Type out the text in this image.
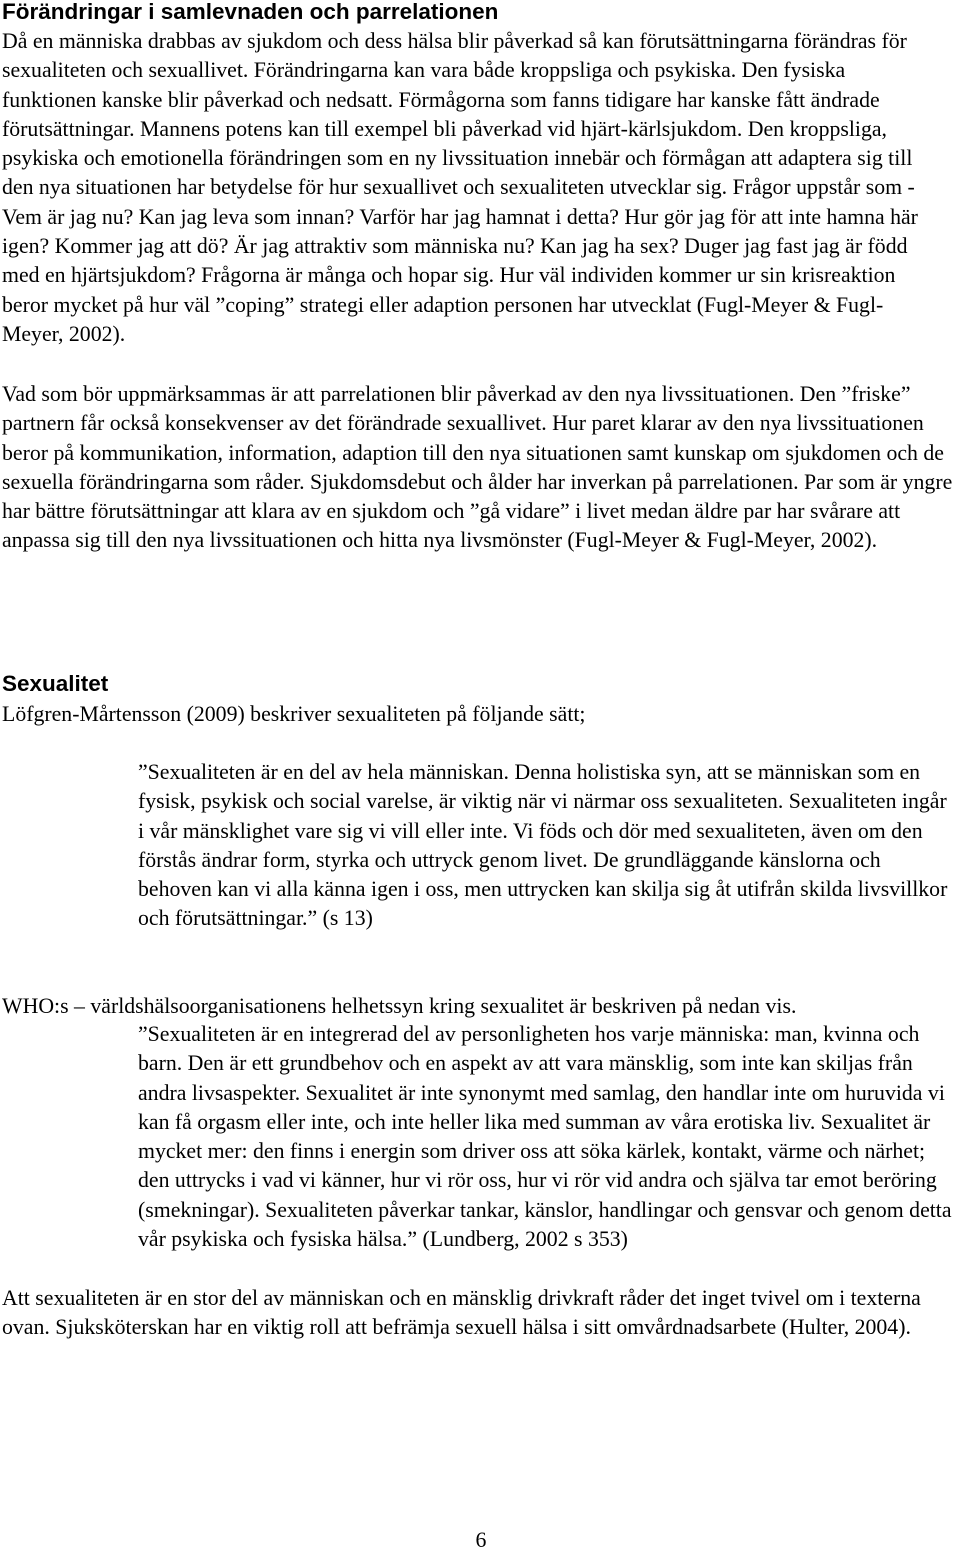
Förändringar i samlevnaden och parrelationen

Då en människa drabbas av sjukdom och dess hälsa blir påverkad så kan förutsättningarna förändras för sexualiteten och sexuallivet. Förändringarna kan vara både kroppsliga och psykiska. Den fysiska funktionen kanske blir påverkad och nedsatt. Förmågorna som fanns tidigare har kanske fått ändrade förutsättningar. Mannens potens kan till exempel bli påverkad vid hjärt-kärlsjukdom. Den kroppsliga, psykiska och emotionella förändringen som en ny livssituation innebär och förmågan att adaptera sig till den nya situationen har betydelse för hur sexuallivet och sexualiteten utvecklar sig. Frågor uppstår som - Vem är jag nu? Kan jag leva som innan? Varför har jag hamnat i detta? Hur gör jag för att inte hamna här igen? Kommer jag att dö? Är jag attraktiv som människa nu? Kan jag ha sex? Duger jag fast jag är född med en hjärtsjukdom? Frågorna är många och hopar sig. Hur väl individen kommer ur sin krisreaktion beror mycket på hur väl ”coping” strategi eller adaption personen har utvecklat (Fugl-Meyer & Fugl-Meyer, 2002).

Vad som bör uppmärksammas är att parrelationen blir påverkad av den nya livssituationen. Den ”friske” partnern får också konsekvenser av det förändrade sexuallivet. Hur paret klarar av den nya livssituationen beror på kommunikation, information, adaption till den nya situationen samt kunskap om sjukdomen och de sexuella förändringarna som råder. Sjukdomsdebut och ålder har inverkan på parrelationen. Par som är yngre har bättre förutsättningar att klara av en sjukdom och ”gå vidare” i livet medan äldre par har svårare att anpassa sig till den nya livssituationen och hitta nya livsmönster (Fugl-Meyer & Fugl-Meyer, 2002).

Sexualitet

Löfgren-Mårtensson (2009) beskriver sexualiteten på följande sätt;

”Sexualiteten är en del av hela människan. Denna holistiska syn, att se människan som en fysisk, psykisk och social varelse, är viktig när vi närmar oss sexualiteten. Sexualiteten ingår i vår mänsklighet vare sig vi vill eller inte. Vi föds och dör med sexualiteten, även om den förstås ändrar form, styrka och uttryck genom livet. De grundläggande känslorna och behoven kan vi alla känna igen i oss, men uttrycken kan skilja sig åt utifrån skilda livsvillkor och förutsättningar.” (s 13)

WHO:s – världshälsoorganisationens helhetssyn kring sexualitet är beskriven på nedan vis.

”Sexualiteten är en integrerad del av personligheten hos varje människa: man, kvinna och barn. Den är ett grundbehov och en aspekt av att vara mänsklig, som inte kan skiljas från andra livsaspekter. Sexualitet är inte synonymt med samlag, den handlar inte om huruvida vi kan få orgasm eller inte, och inte heller lika med summan av våra erotiska liv. Sexualitet är mycket mer: den finns i energin som driver oss att söka kärlek, kontakt, värme och närhet; den uttrycks i vad vi känner, hur vi rör oss, hur vi rör vid andra och själva tar emot beröring (smekningar). Sexualiteten påverkar tankar, känslor, handlingar och gensvar och genom detta vår psykiska och fysiska hälsa.” (Lundberg, 2002 s 353)

Att sexualiteten är en stor del av människan och en mänsklig drivkraft råder det inget tvivel om i texterna ovan. Sjuksköterskan har en viktig roll att befrämja sexuell hälsa i sitt omvårdnadsarbete (Hulter, 2004).

6
